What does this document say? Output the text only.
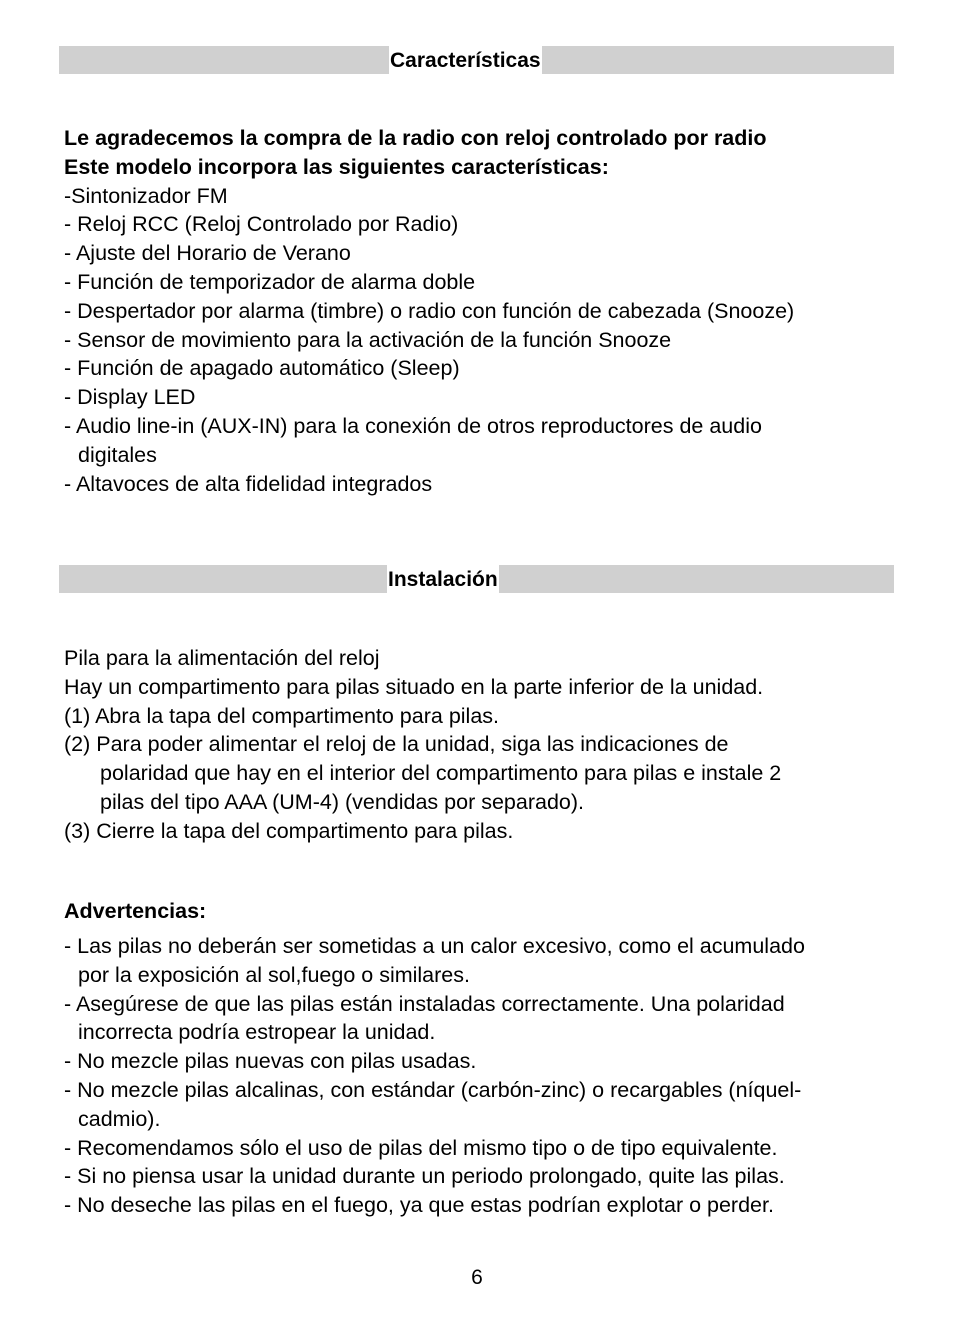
Características
Le agradecemos la compra de la radio con reloj controlado por radio
Este modelo incorpora las siguientes características:
-Sintonizador FM
- Reloj RCC (Reloj Controlado por Radio)
- Ajuste del Horario de Verano
- Función de temporizador de alarma doble
- Despertador por alarma (timbre) o radio con función de cabezada (Snooze)
- Sensor de movimiento para la activación de la función Snooze
- Función de apagado automático (Sleep)
- Display LED
- Audio line-in (AUX-IN) para la conexión de otros reproductores de audio
digitales
- Altavoces de alta fidelidad integrados
Instalación
Pila para la alimentación del reloj
Hay un compartimento para pilas situado en la parte inferior de la unidad.
(1) Abra la tapa del compartimento para pilas.
(2) Para poder alimentar el reloj de la unidad, siga las indicaciones de
polaridad que hay en el interior del compartimento para pilas e instale 2
pilas del tipo AAA (UM-4) (vendidas por separado).
(3) Cierre la tapa del compartimento para pilas.
Advertencias:
- Las pilas no deberán ser sometidas a un calor excesivo, como el acumulado
por la exposición al sol,fuego o similares.
- Asegúrese de que las pilas están instaladas correctamente. Una polaridad
incorrecta podría estropear la unidad.
- No mezcle pilas nuevas con pilas usadas.
- No mezcle pilas alcalinas, con estándar (carbón-zinc) o recargables (níquel-
cadmio).
- Recomendamos sólo el uso de pilas del mismo tipo o de tipo equivalente.
- Si no piensa usar la unidad durante un periodo prolongado, quite las pilas.
- No deseche las pilas en el fuego, ya que estas podrían explotar o perder.
6
